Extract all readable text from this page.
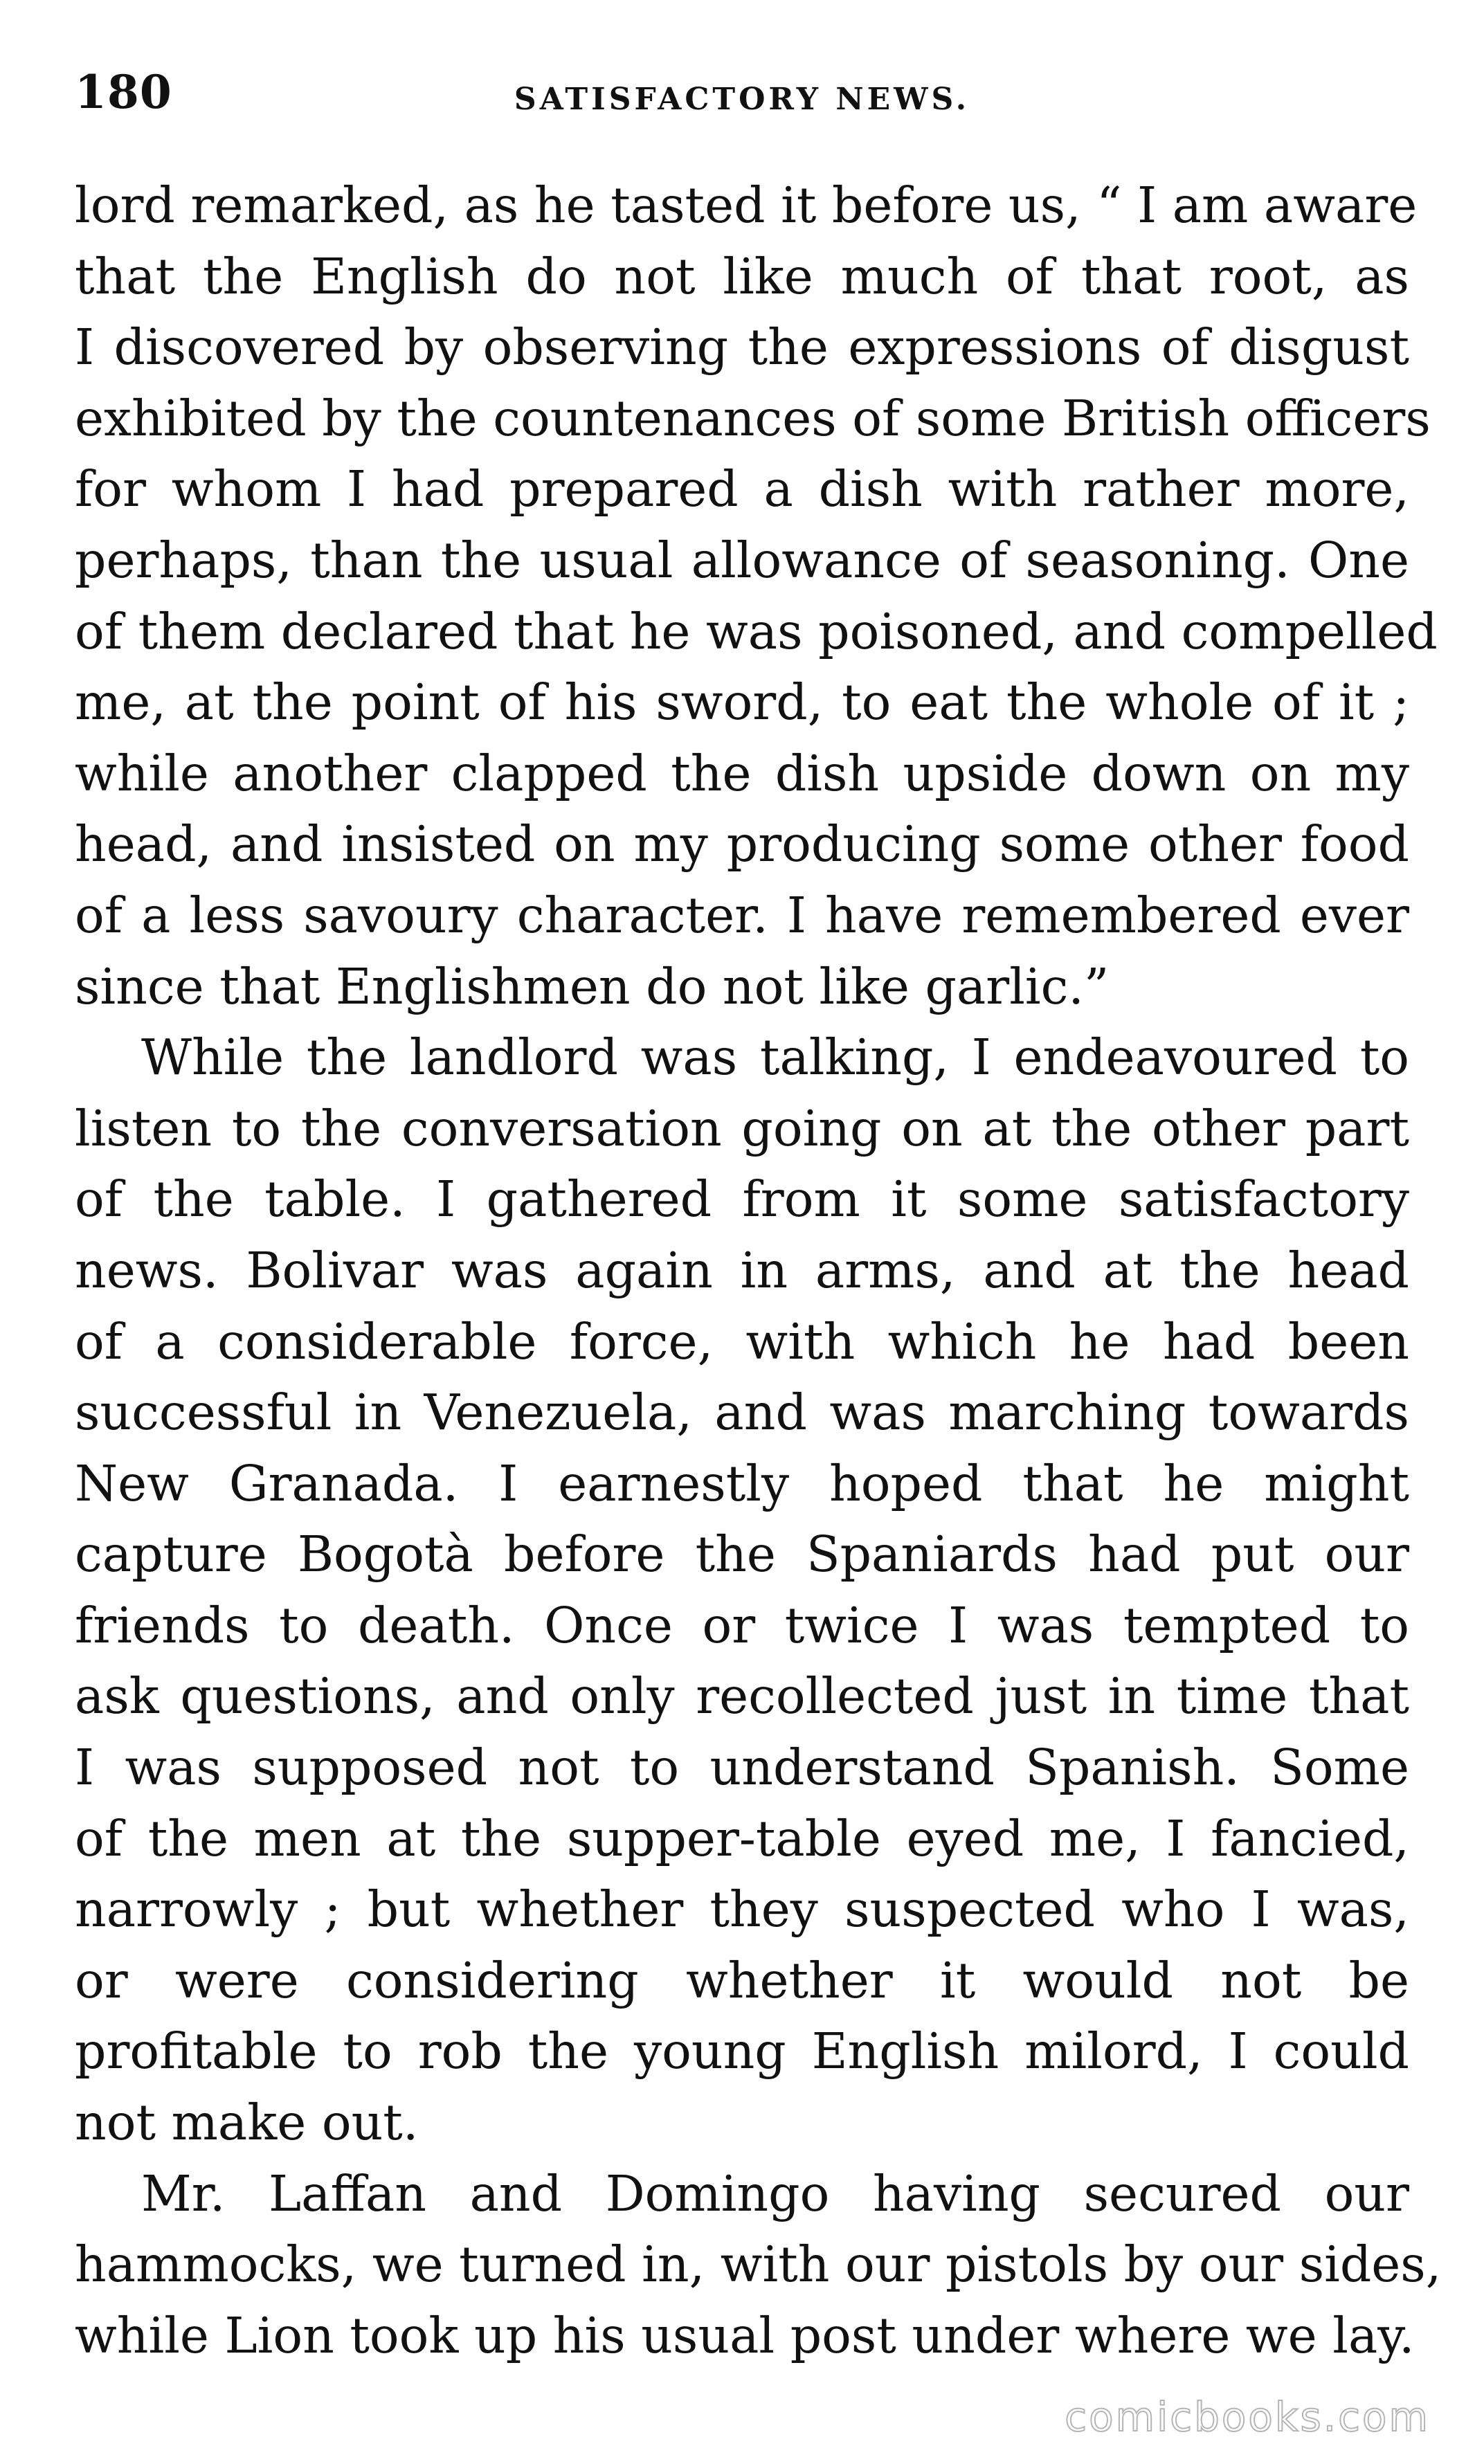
180	SATISFACTORY NEWS.
lord remarked, as he tasted it before us, “ I am aware
that the English do not like much of that root, as
I discovered by observing the expressions of disgust
exhibited by the countenances of some British officers
for whom I had prepared a dish with rather more,
perhaps, than the usual allowance of seasoning. One
of them declared that he was poisoned, and compelled
me, at the point of his sword, to eat the whole of it ;
while another clapped the dish upside down on my
head, and insisted on my producing some other food
of a less savoury character. I have remembered ever
since that Englishmen do not like garlic.”
While the landlord was talking, I endeavoured to
listen to the conversation going on at the other part
of the table. I gathered from it some satisfactory
news. Bolivar was again in arms, and at the head
of a considerable force, with which he had been
successful in Venezuela, and was marching towards
New Granada. I earnestly hoped that he might
capture Bogotà before the Spaniards had put our
friends to death. Once or twice I was tempted to
ask questions, and only recollected just in time that
I was supposed not to understand Spanish. Some
of the men at the supper-table eyed me, I fancied,
narrowly ; but whether they suspected who I was,
or were considering whether it would not be
profitable to rob the young English milord, I could
not make out.
Mr. Laffan and Domingo having secured our
hammocks, we turned in, with our pistols by our sides,
while Lion took up his usual post under where we lay.
comicbooks.com
